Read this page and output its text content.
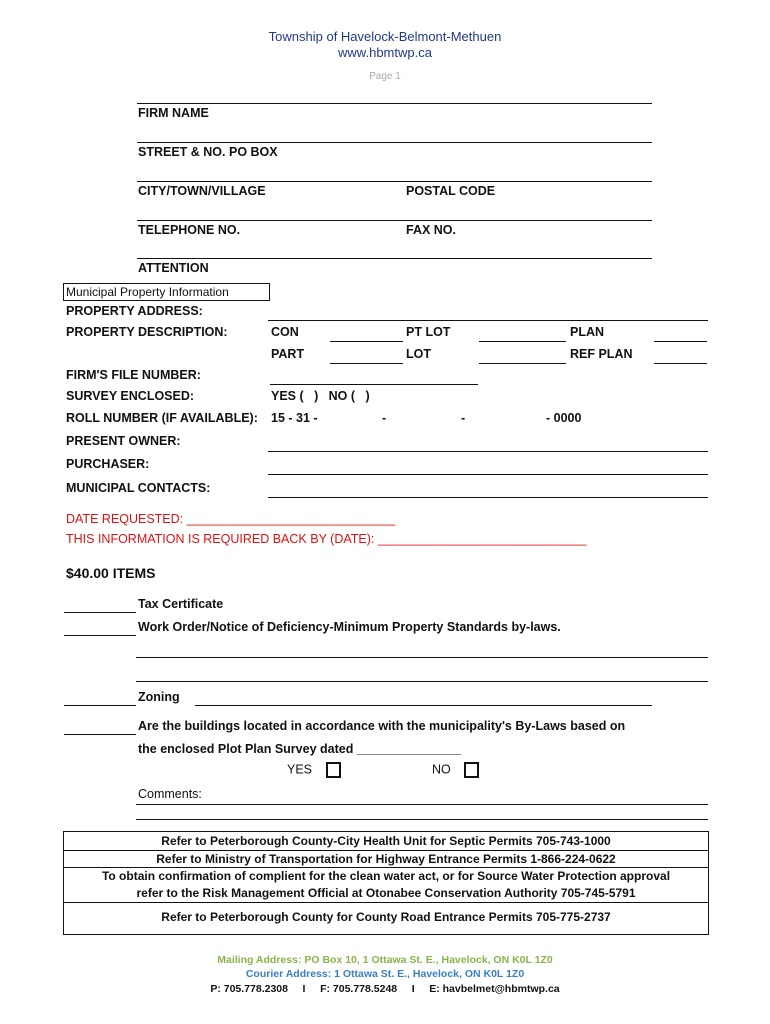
Township of Havelock-Belmont-Methuen
www.hbmtwp.ca
Page 1
FIRM NAME
STREET & NO. PO BOX
CITY/TOWN/VILLAGE	POSTAL CODE
TELEPHONE NO.	FAX NO.
ATTENTION
Municipal Property Information
PROPERTY ADDRESS:
PROPERTY DESCRIPTION:	CON	PT LOT	PLAN
PART	LOT	REF PLAN
FIRM'S FILE NUMBER:
SURVEY ENCLOSED:	YES (   )   NO (   )
ROLL NUMBER (IF AVAILABLE): 15 - 31 -	-	-	- 0000
PRESENT OWNER:
PURCHASER:
MUNICIPAL CONTACTS:
DATE REQUESTED: ______________________________
THIS INFORMATION IS REQUIRED BACK BY (DATE): ______________________________
$40.00 ITEMS
Tax Certificate
Work Order/Notice of Deficiency-Minimum Property Standards by-laws.
Zoning
Are the buildings located in accordance with the municipality's By-Laws based on
the enclosed Plot Plan Survey dated _______________
YES	NO
Comments:
Refer to Peterborough County-City Health Unit for Septic Permits 705-743-1000
Refer to Ministry of Transportation for Highway Entrance Permits 1-866-224-0622
To obtain confirmation of complient for the clean water act, or for Source Water Protection approval
refer to the Risk Management Official at Otonabee Conservation Authority 705-745-5791
Refer to Peterborough County for County Road Entrance Permits 705-775-2737
Mailing Address: PO Box 10, 1 Ottawa St. E., Havelock, ON K0L 1Z0
Courier Address: 1 Ottawa St. E., Havelock, ON K0L 1Z0
P: 705.778.2308     I     F: 705.778.5248     I     E: havbelmet@hbmtwp.ca
